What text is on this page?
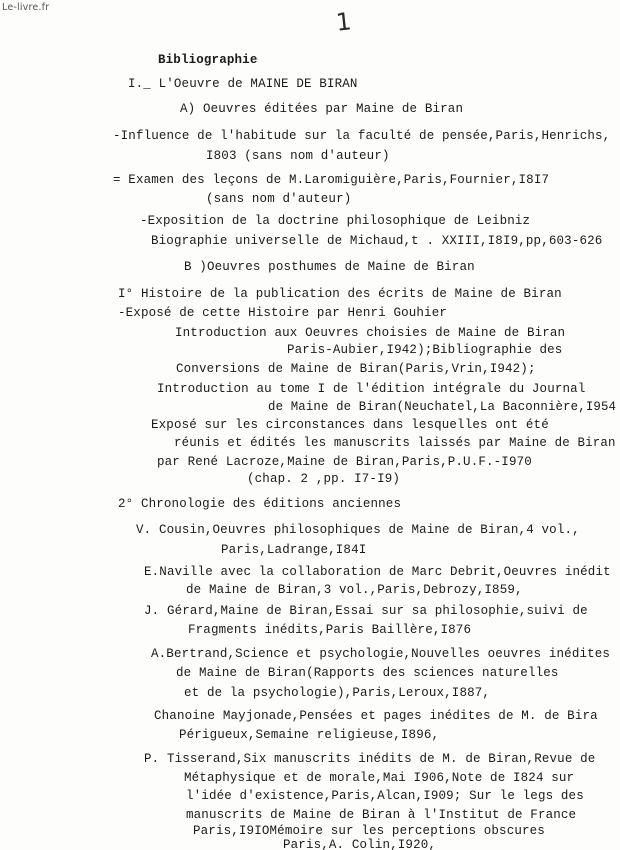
Le-livre.fr	1
Bibliographie
I._ L'Oeuvre de MAINE DE BIRAN
A) Oeuvres éditées par Maine de Biran
-Influence de l'habitude sur la faculté de pensée,Paris,Henrichs,
I803 (sans nom d'auteur)
= Examen des leçons de M.Laromiguière,Paris,Fournier,I8I7
(sans nom d'auteur)
-Exposition de la doctrine philosophique de Leibniz
Biographie universelle de Michaud,t . XXIII,I8I9,pp,603-626
B )Oeuvres posthumes de Maine de Biran
I° Histoire de la publication des écrits de Maine de Biran
-Exposé de cette Histoire par Henri Gouhier
Introduction aux Oeuvres choisies de Maine de Biran
Paris-Aubier,I942);Bibliographie des
Conversions de Maine de Biran(Paris,Vrin,I942);
Introduction au tome I de l'édition intégrale du Journal
de Maine de Biran(Neuchatel,La Baconnière,I954
Exposé sur les circonstances dans lesquelles ont été
réunis et édités les manuscrits laissés par Maine de Biran
par René Lacroze,Maine de Biran,Paris,P.U.F.-I970
(chap. 2 ,pp. I7-I9)
2° Chronologie des éditions anciennes
V. Cousin,Oeuvres philosophiques de Maine de Biran,4 vol.,
Paris,Ladrange,I84I
E.Naville avec la collaboration de Marc Debrit,Oeuvres inédit
de Maine de Biran,3 vol.,Paris,Debrozy,I859,
J. Gérard,Maine de Biran,Essai sur sa philosophie,suivi de
Fragments inédits,Paris Baillère,I876
A.Bertrand,Science et psychologie,Nouvelles oeuvres inédites
de Maine de Biran(Rapports des sciences naturelles
et de la psychologie),Paris,Leroux,I887,
Chanoine Mayjonade,Pensées et pages inédites de M. de Bira
Périgueux,Semaine religieuse,I896,
P. Tisserand,Six manuscrits inédits de M. de Biran,Revue de
Métaphysique et de morale,Mai I906,Note de I824 sur
l'idée d'existence,Paris,Alcan,I909; Sur le legs des
manuscrits de Maine de Biran à l'Institut de France
Paris,I9IOMémoire sur les perceptions obscures
Paris,A. Colin,I920,
